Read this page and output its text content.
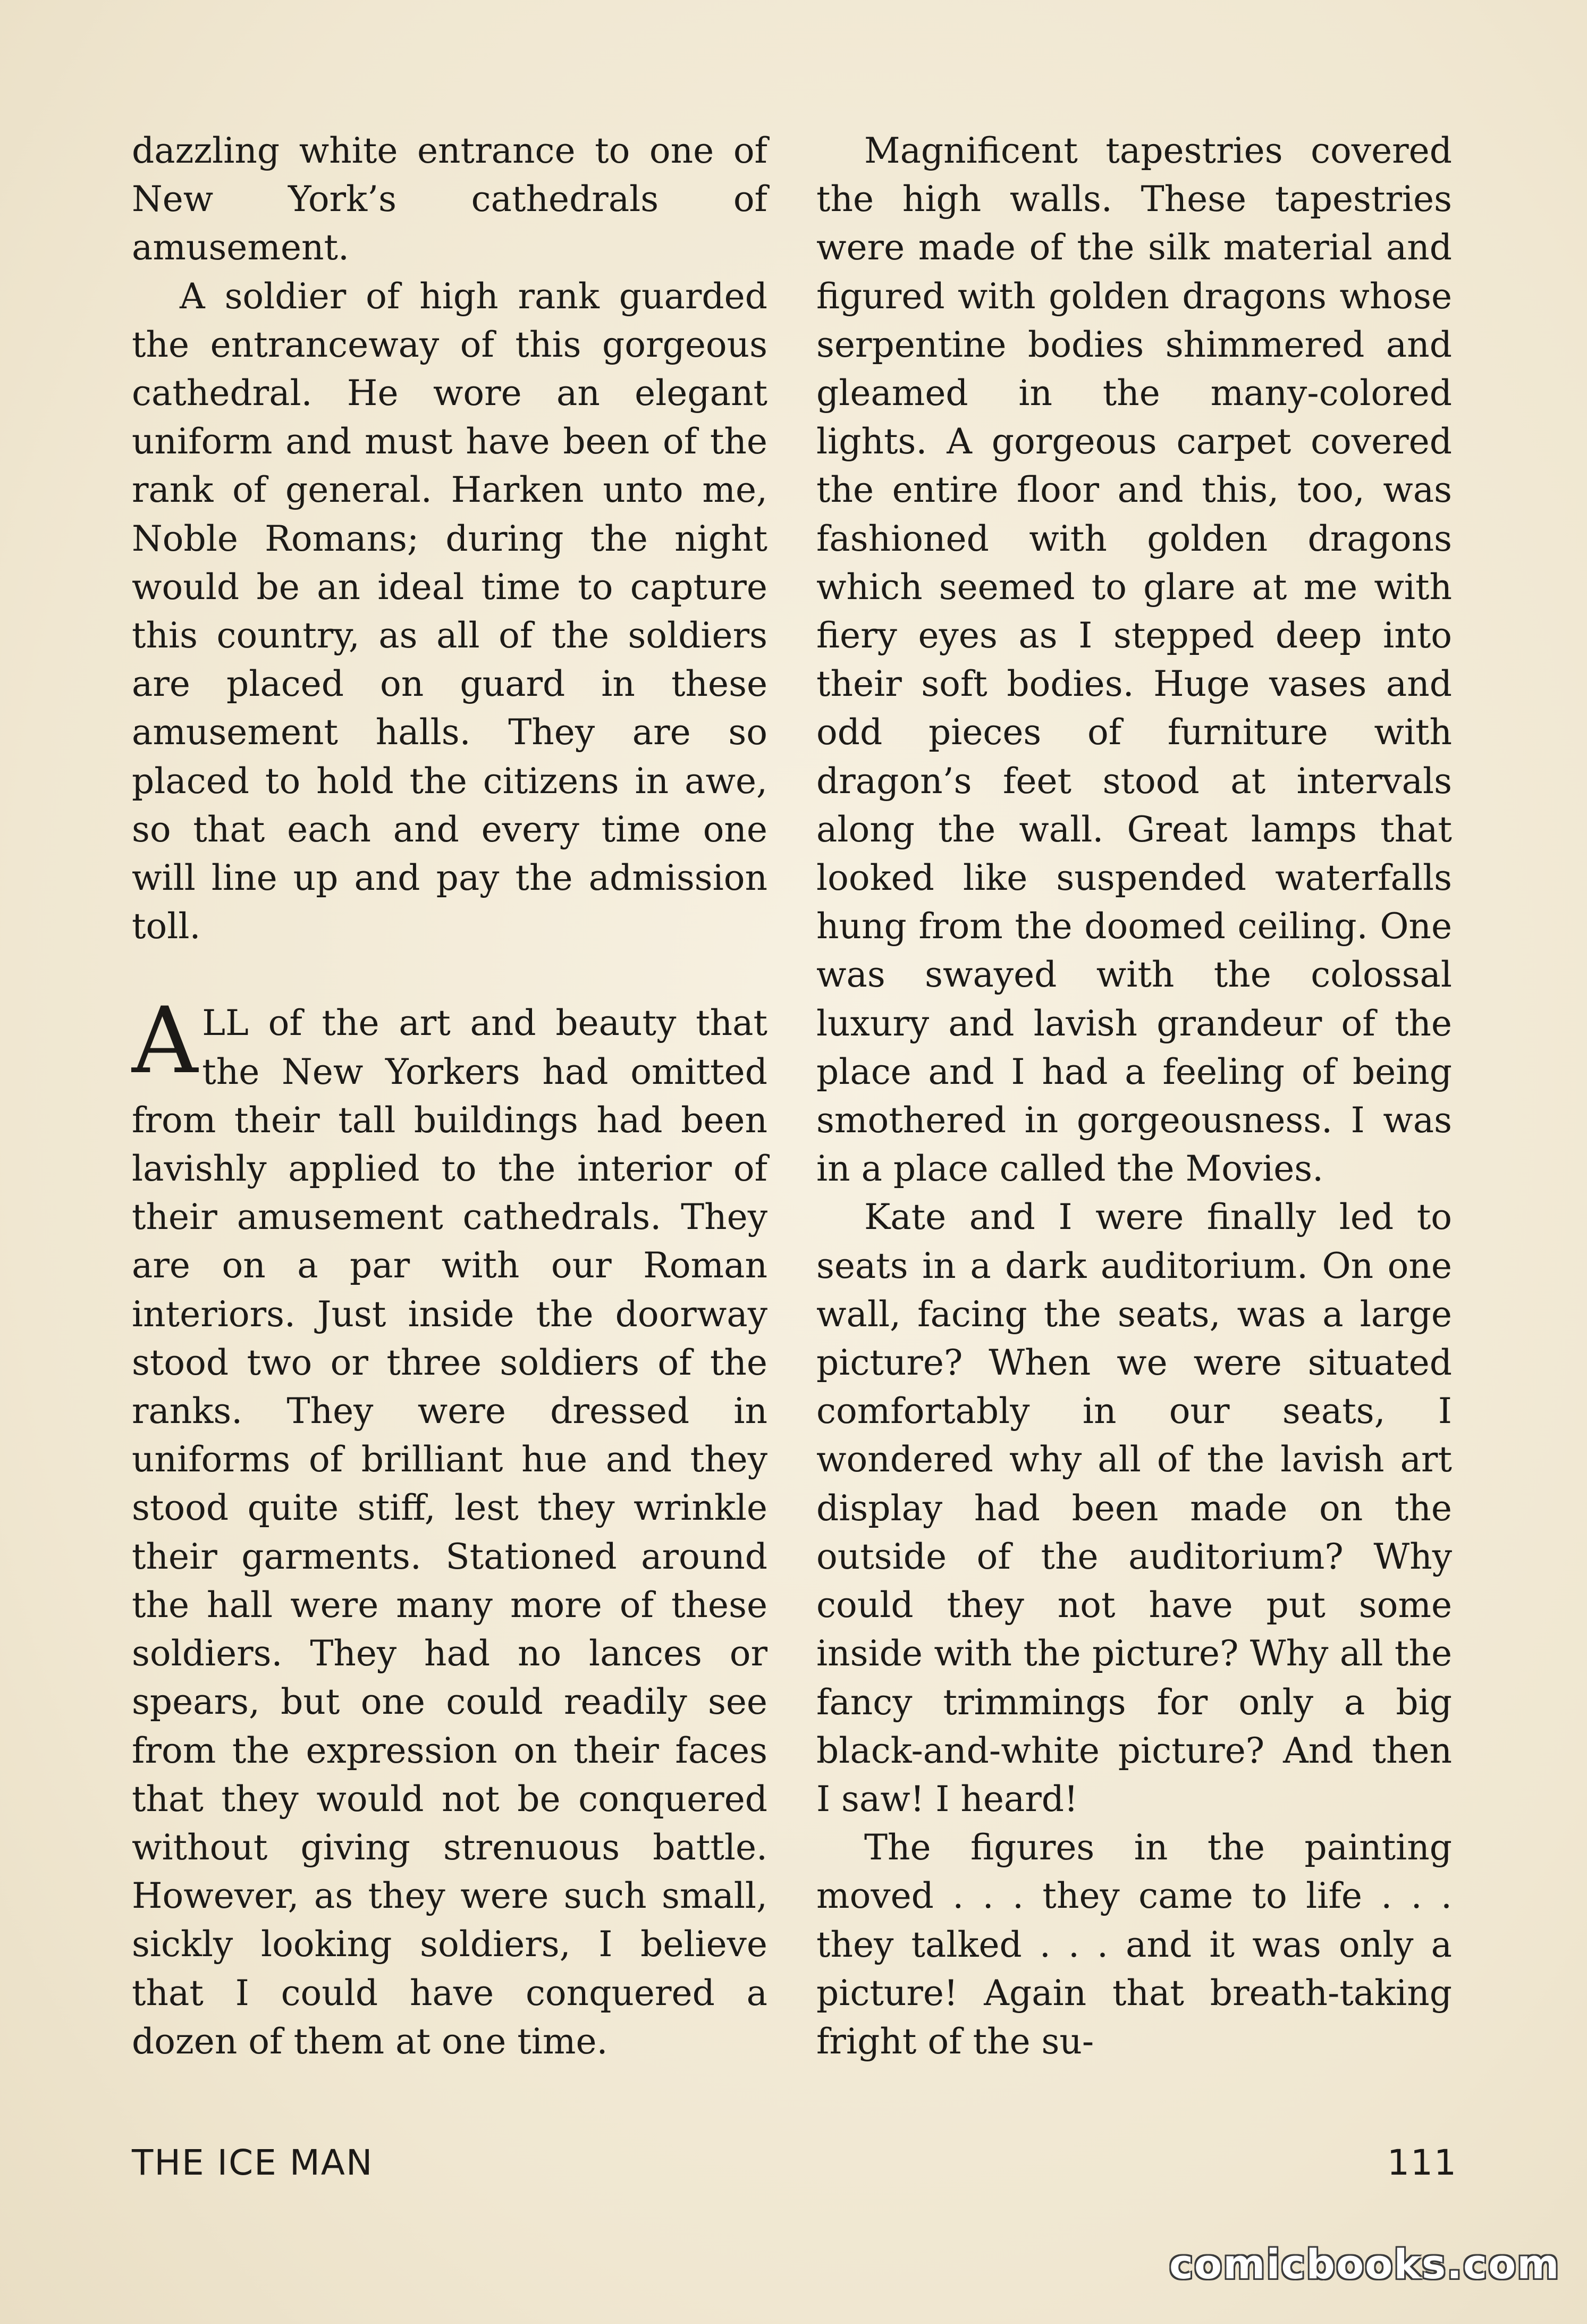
dazzling white entrance to one of New York’s cathedrals of amusement.

A soldier of high rank guarded the entranceway of this gorgeous cathedral. He wore an elegant uniform and must have been of the rank of general. Harken unto me, Noble Romans; during the night would be an ideal time to capture this country, as all of the soldiers are placed on guard in these amusement halls. They are so placed to hold the citizens in awe, so that each and every time one will line up and pay the admission toll.

ALL of the art and beauty that the New Yorkers had omitted from their tall buildings had been lavishly applied to the interior of their amusement cathedrals. They are on a par with our Roman interiors. Just inside the doorway stood two or three soldiers of the ranks. They were dressed in uniforms of brilliant hue and they stood quite stiff, lest they wrinkle their garments. Stationed around the hall were many more of these soldiers. They had no lances or spears, but one could readily see from the expression on their faces that they would not be conquered without giving strenuous battle. However, as they were such small, sickly looking soldiers, I believe that I could have conquered a dozen of them at one time.

Magnificent tapestries covered the high walls. These tapestries were made of the silk material and figured with golden dragons whose serpentine bodies shimmered and gleamed in the many-colored lights. A gorgeous carpet covered the entire floor and this, too, was fashioned with golden dragons which seemed to glare at me with fiery eyes as I stepped deep into their soft bodies. Huge vases and odd pieces of furniture with dragon’s feet stood at intervals along the wall. Great lamps that looked like suspended waterfalls hung from the doomed ceiling. One was swayed with the colossal luxury and lavish grandeur of the place and I had a feeling of being smothered in gorgeousness. I was in a place called the Movies.

Kate and I were finally led to seats in a dark auditorium. On one wall, facing the seats, was a large picture? When we were situated comfortably in our seats, I wondered why all of the lavish art display had been made on the outside of the auditorium? Why could they not have put some inside with the picture? Why all the fancy trimmings for only a big black-and-white picture? And then I saw! I heard!

The figures in the painting moved . . . they came to life . . . they talked . . . and it was only a picture! Again that breath-taking fright of the su-

THE ICE MAN	111
comicbooks.com
